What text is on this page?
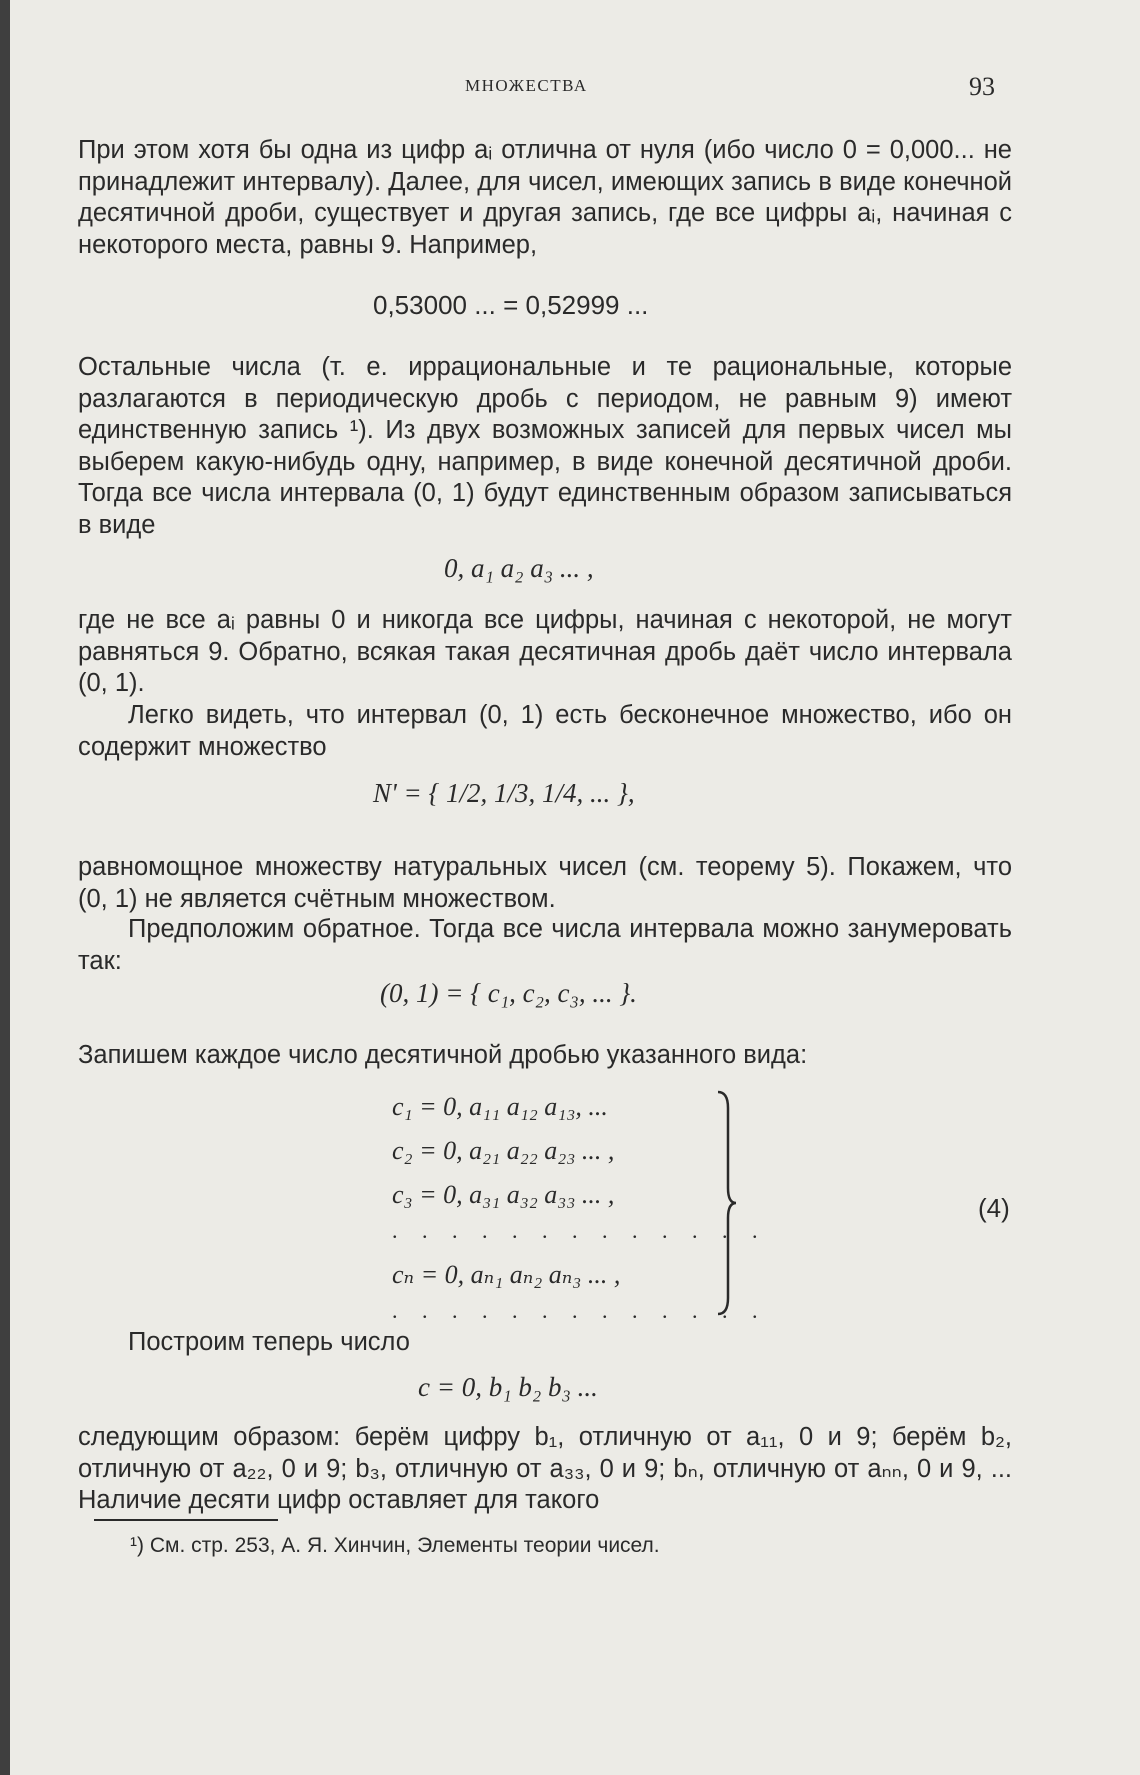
МНОЖЕСТВА	93

При этом хотя бы одна из цифр aᵢ отлична от нуля (ибо число 0 = 0,000... не принадлежит интервалу). Далее, для чисел, имеющих запись в виде конечной десятичной дроби, существует и другая запись, где все цифры aᵢ, начиная с некоторого места, равны 9. Например,

0,53000 ... = 0,52999 ...

Остальные числа (т. е. иррациональные и те рациональные, которые разлагаются в периодическую дробь с периодом, не равным 9) имеют единственную запись ¹). Из двух возможных записей для первых чисел мы выберем какую-нибудь одну, например, в виде конечной десятичной дроби. Тогда все числа интервала (0, 1) будут единственным образом записываться в виде

0, a₁ a₂ a₃ ... ,

где не все aᵢ равны 0 и никогда все цифры, начиная с некоторой, не могут равняться 9. Обратно, всякая такая десятичная дробь даёт число интервала (0, 1).

Легко видеть, что интервал (0, 1) есть бесконечное множество, ибо он содержит множество

N' = { 1/2, 1/3, 1/4, ... },

равномощное множеству натуральных чисел (см. теорему 5). Покажем, что (0, 1) не является счётным множеством.

Предположим обратное. Тогда все числа интервала можно занумеровать так:

(0, 1) = { c₁, c₂, c₃, ... }.

Запишем каждое число десятичной дробью указанного вида:

c₁ = 0, a₁₁ a₁₂ a₁₃, ...
c₂ = 0, a₂₁ a₂₂ a₂₃ ... ,
c₃ = 0, a₃₁ a₃₂ a₃₃ ... ,
. . . . . . . . . . . . .
cₙ = 0, aₙ₁ aₙ₂ aₙ₃ ... ,
. . . . . . . . . . . . .
(4)

Построим теперь число

c = 0, b₁ b₂ b₃ ...

следующим образом: берём цифру b₁, отличную от a₁₁, 0 и 9; берём b₂, отличную от a₂₂, 0 и 9; b₃, отличную от a₃₃, 0 и 9; bₙ, отличную от aₙₙ, 0 и 9, ... Наличие десяти цифр оставляет для такого

¹) См. стр. 253, А. Я. Хинчин, Элементы теории чисел.
